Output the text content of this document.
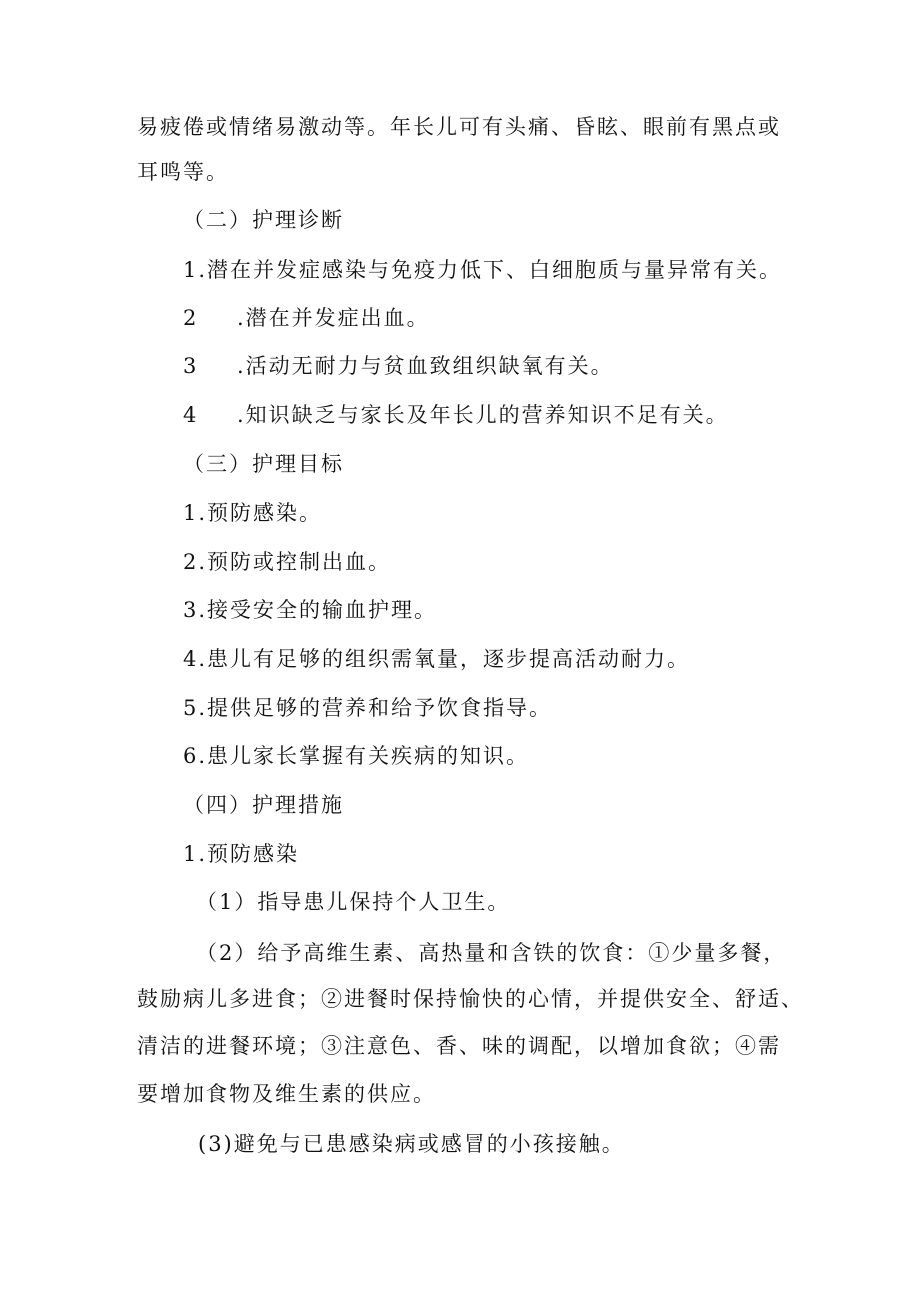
易疲倦或情绪易激动等。年长儿可有头痛、昏眩、眼前有黑点或
耳鸣等。
（二）护理诊断
1.潜在并发症感染与免疫力低下、白细胞质与量异常有关。
2 .潜在并发症出血。
3 .活动无耐力与贫血致组织缺氧有关。
4 .知识缺乏与家长及年长儿的营养知识不足有关。
（三）护理目标
1.预防感染。
2.预防或控制出血。
3.接受安全的输血护理。
4.患儿有足够的组织需氧量，逐步提高活动耐力。
5.提供足够的营养和给予饮食指导。
6.患儿家长掌握有关疾病的知识。
（四）护理措施
1.预防感染
（1）指导患儿保持个人卫生。
（2）给予高维生素、高热量和含铁的饮食：①少量多餐，
鼓励病儿多进食；②进餐时保持愉快的心情，并提供安全、舒适、
清洁的进餐环境；③注意色、香、味的调配，以增加食欲；④需
要增加食物及维生素的供应。
(3)避免与已患感染病或感冒的小孩接触。
